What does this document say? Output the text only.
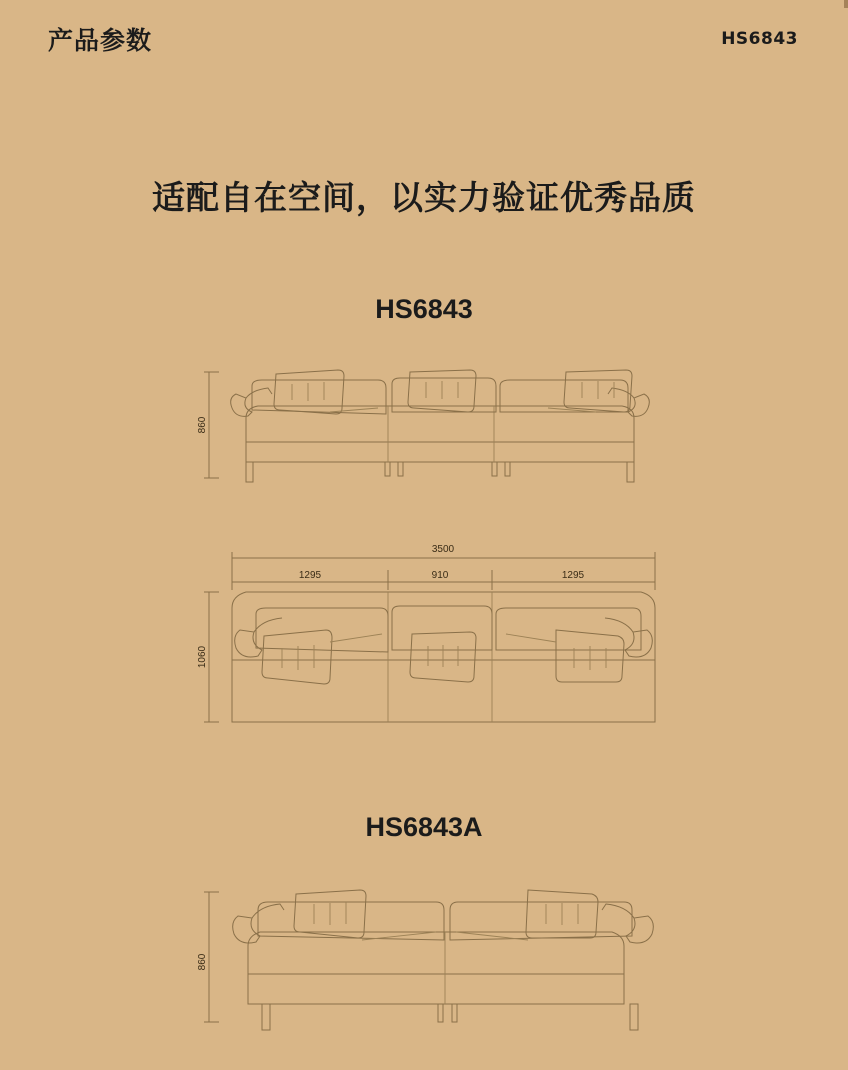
产品参数	HS6843
适配自在空间，以实力验证优秀品质
HS6843
860
3500
1295	910	1295
1060
HS6843A
860
